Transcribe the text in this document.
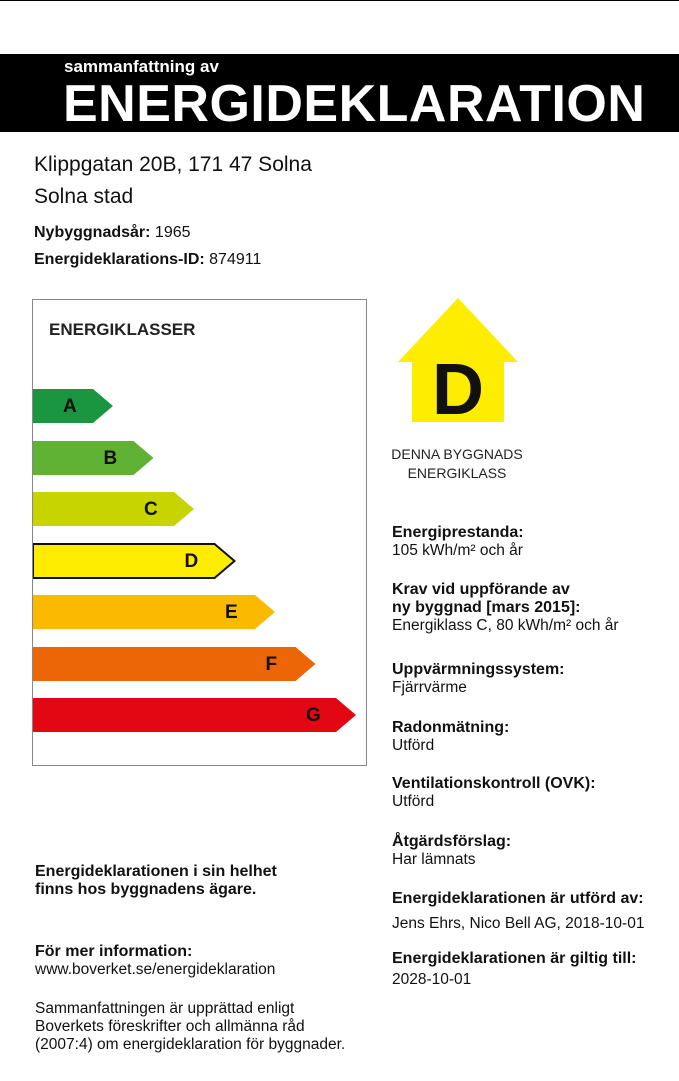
sammanfattning av
ENERGIDEKLARATION
Klippgatan 20B, 171 47 Solna
Solna stad
Nybyggnadsår: 1965
Energideklarations-ID: 874911
ENERGIKLASSER
A
B
C
D
E
F
G
D
DENNA BYGGNADS
ENERGIKLASS
Energiprestanda:
105 kWh/m² och år
Krav vid uppförande av
ny byggnad [mars 2015]:
Energiklass C, 80 kWh/m² och år
Uppvärmningssystem:
Fjärrvärme
Radonmätning:
Utförd
Ventilationskontroll (OVK):
Utförd
Åtgärdsförslag:
Har lämnats
Energideklarationen är utförd av:
Jens Ehrs, Nico Bell AG, 2018-10-01
Energideklarationen är giltig till:
2028-10-01
Energideklarationen i sin helhet
finns hos byggnadens ägare.
För mer information:
www.boverket.se/energideklaration
Sammanfattningen är upprättad enligt
Boverkets föreskrifter och allmänna råd
(2007:4) om energideklaration för byggnader.
